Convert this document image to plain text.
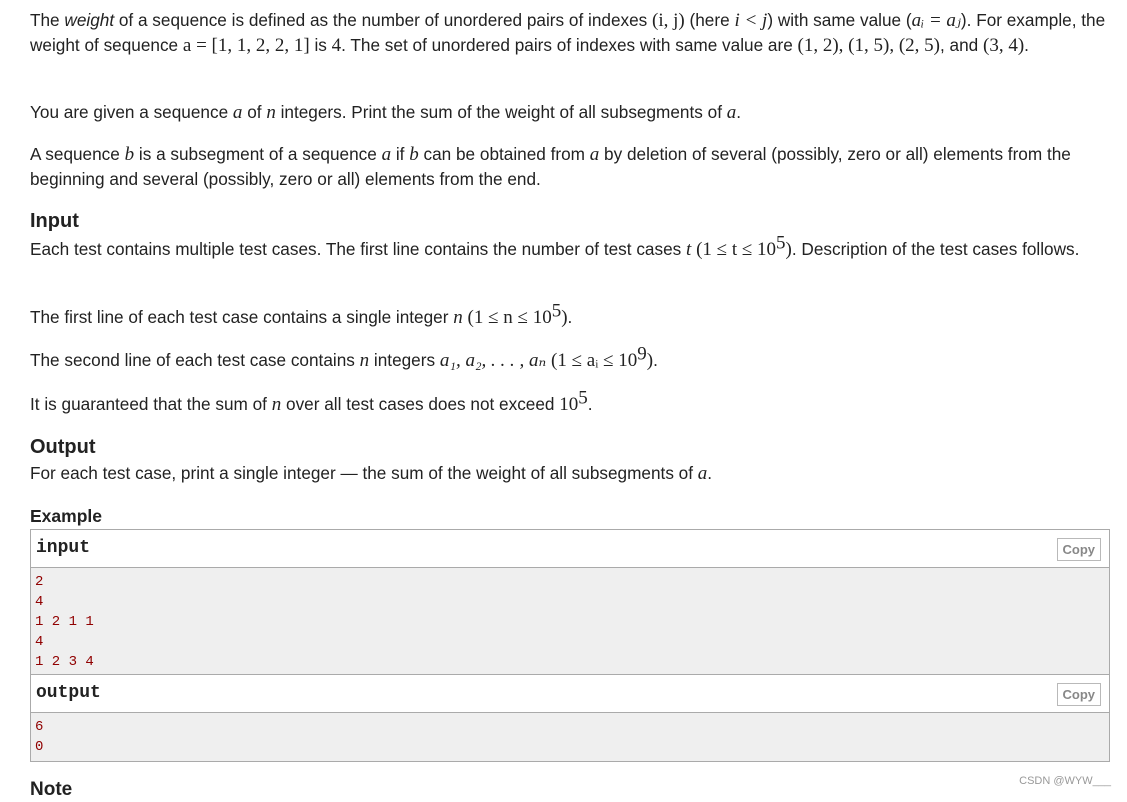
The weight of a sequence is defined as the number of unordered pairs of indexes (i, j) (here i < j) with same value (aᵢ = aⱼ). For example, the weight of sequence a = [1, 1, 2, 2, 1] is 4. The set of unordered pairs of indexes with same value are (1, 2), (1, 5), (2, 5), and (3, 4).

You are given a sequence a of n integers. Print the sum of the weight of all subsegments of a.

A sequence b is a subsegment of a sequence a if b can be obtained from a by deletion of several (possibly, zero or all) elements from the beginning and several (possibly, zero or all) elements from the end.

Input

Each test contains multiple test cases. The first line contains the number of test cases t $(1 \le t \le 10^5)$. Description of the test cases follows.

The first line of each test case contains a single integer n $(1 \le n \le 10^5)$.

The second line of each test case contains n integers a₁, a₂, . . . , aₙ (1 ≤ aᵢ ≤ $10^9$).

It is guaranteed that the sum of n over all test cases does not exceed $10^5$.

Output

For each test case, print a single integer — the sum of the weight of all subsegments of a.

Example
input	Copy
2
4
1 2 1 1
4
1 2 3 4
output	Copy
6
0
Note	CSDN @WYW___
